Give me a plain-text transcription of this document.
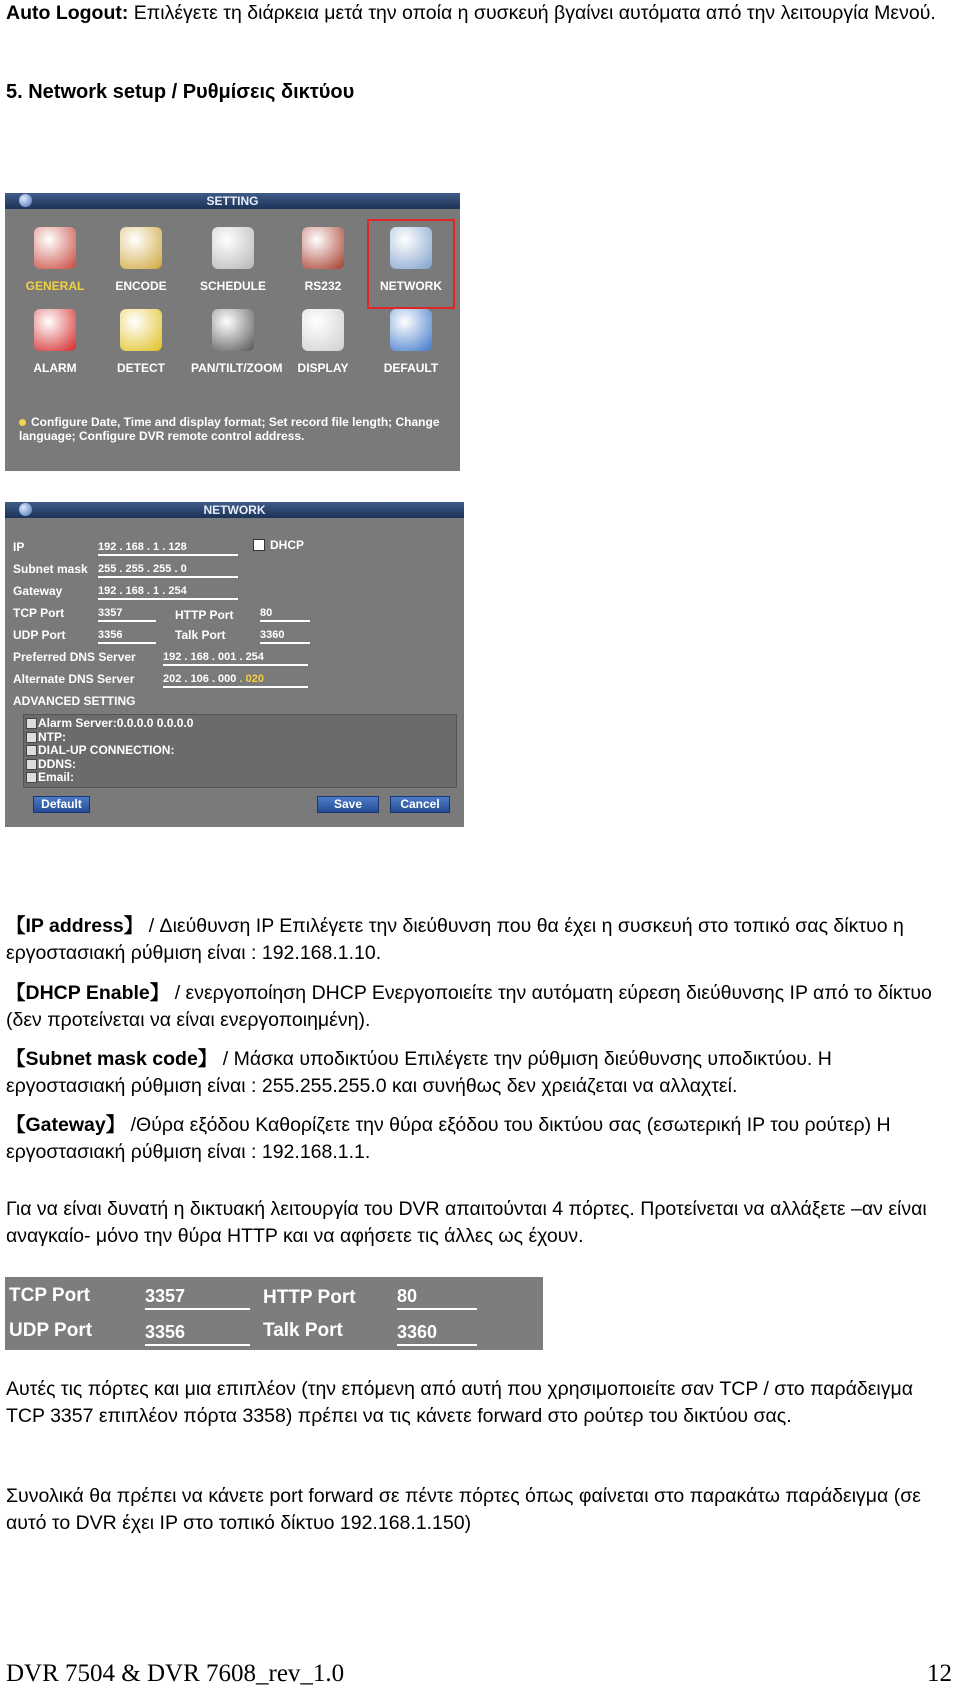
Auto Logout: Επιλέγετε τη διάρκεια μετά την οποία η συσκευή βγαίνει αυτόματα από την λειτουργία Μενού.

5. Network setup / Ρυθμίσεις δικτύου

SETTING
GENERAL	ENCODE	SCHEDULE	RS232	NETWORK
ALARM	DETECT	PAN/TILT/ZOOM	DISPLAY	DEFAULT
Configure Date, Time and display format; Set record file length; Change language; Configure DVR remote control address.
NETWORK
IP	192 . 168 . 1 . 128	DHCP
Subnet mask 255 . 255 . 255 . 0
Gateway	192 . 168 . 1 . 254
TCP Port	3357	HTTP Port 80
UDP Port	3356	Talk Port	3360
Preferred DNS Server 192 . 168 . 001 . 254
Alternate DNS Server	202 . 106 . 000 . 020
ADVANCED SETTING
Alarm Server:0.0.0.0 0.0.0.0
NTP:
DIAL-UP CONNECTION:
DDNS:
Email:
Default	Save	Cancel

【IP address】 / Διεύθυνση IP Επιλέγετε την διεύθυνση που θα έχει η συσκευή στο τοπικό σας δίκτυο η εργοστασιακή ρύθμιση είναι : 192.168.1.10.

【DHCP Enable】 / ενεργοποίηση DHCP Ενεργοποιείτε την αυτόματη εύρεση διεύθυνσης IP από το δίκτυο (δεν προτείνεται να είναι ενεργοποιημένη).

【Subnet mask code】 / Μάσκα υποδικτύου Επιλέγετε την ρύθμιση διεύθυνσης υποδικτύου. Η εργοστασιακή ρύθμιση είναι : 255.255.255.0 και συνήθως δεν χρειάζεται να αλλαχτεί.

【Gateway】 /Θύρα εξόδου Καθορίζετε την θύρα εξόδου του δικτύου σας (εσωτερική IP του ρούτερ) Η εργοστασιακή ρύθμιση είναι : 192.168.1.1.

Για να είναι δυνατή η δικτυακή λειτουργία του DVR απαιτούνται 4 πόρτες. Προτείνεται να αλλάξετε –αν είναι αναγκαίο- μόνο την θύρα HTTP και να αφήσετε τις άλλες ως έχουν.

TCP Port	3357	HTTP Port 80
UDP Port	3356	Talk Port	3360

Αυτές τις πόρτες και μια επιπλέον (την επόμενη από αυτή που χρησιμοποιείτε σαν TCP / στο παράδειγμα TCP 3357 επιπλέον πόρτα 3358) πρέπει να τις κάνετε forward στο ρούτερ του δικτύου σας.

Συνολικά θα πρέπει να κάνετε port forward σε πέντε πόρτες όπως φαίνεται στο παρακάτω παράδειγμα (σε αυτό το DVR έχει IP στο τοπικό δίκτυο 192.168.1.150)

DVR 7504 & DVR 7608_rev_1.0	12
